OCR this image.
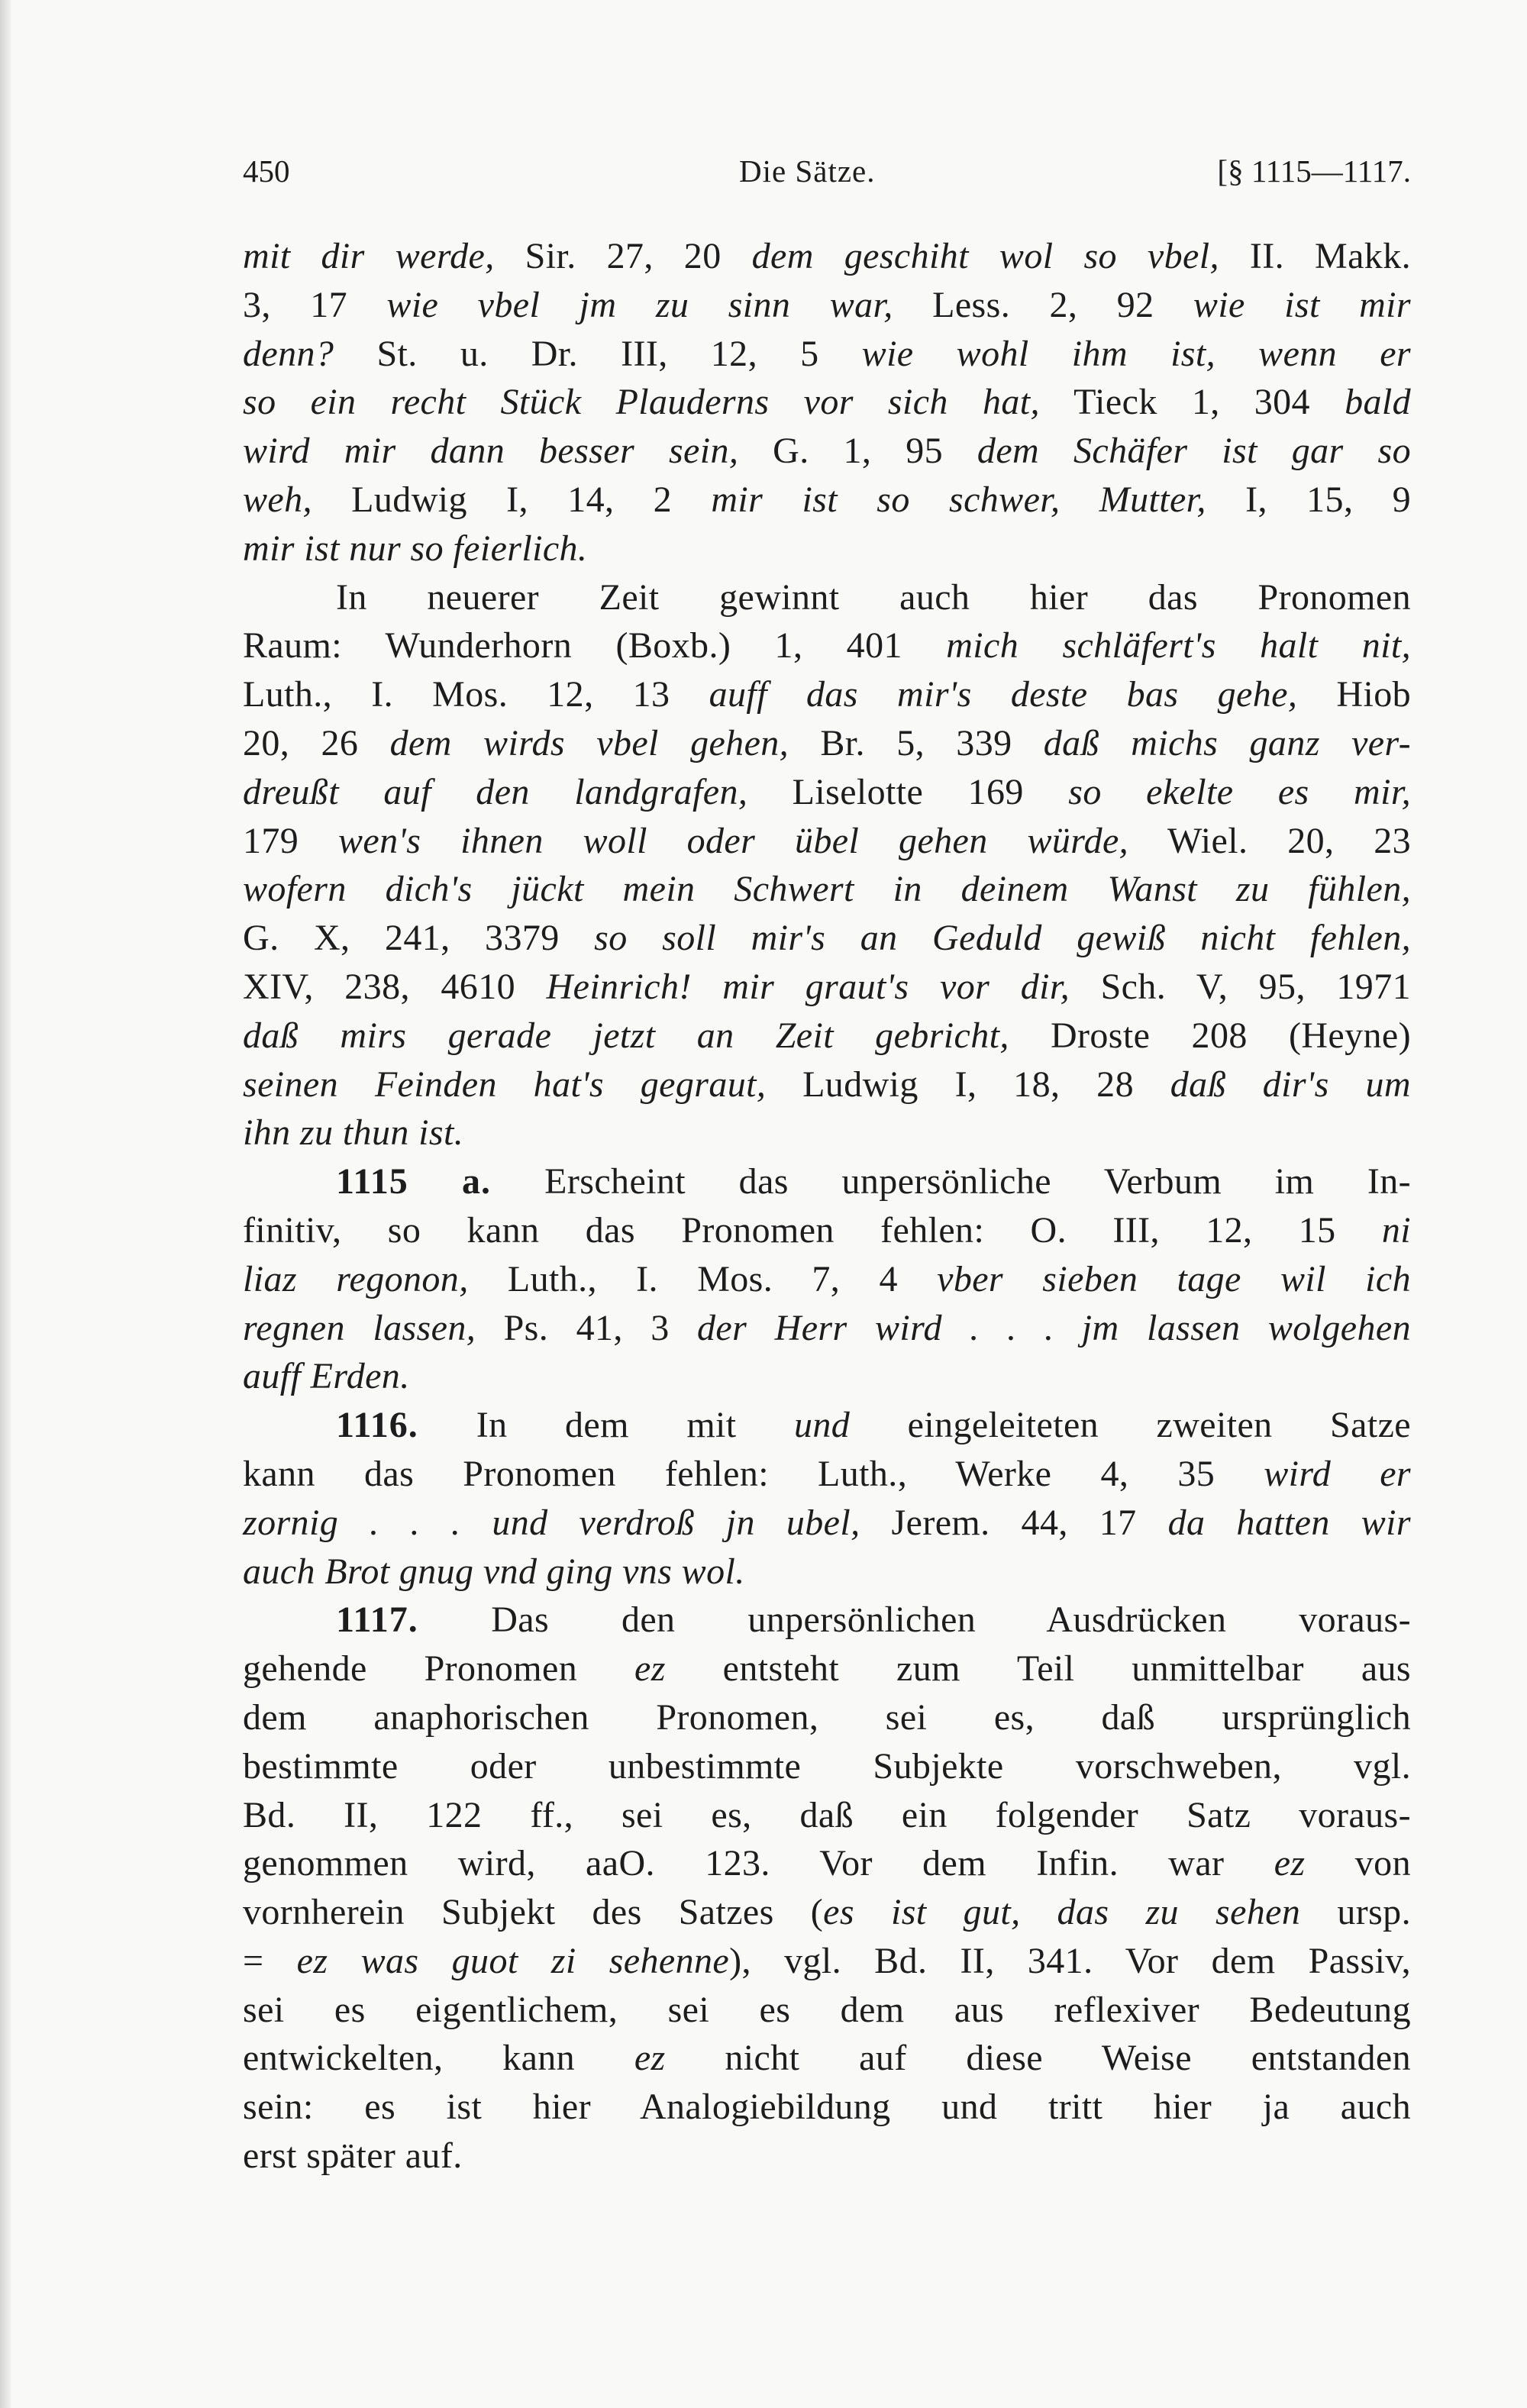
450	Die Sätze.	[§ 1115—1117.
mit dir werde, Sir. 27, 20 dem geschiht wol so vbel, II. Makk.
3, 17 wie vbel jm zu sinn war, Less. 2, 92 wie ist mir
denn? St. u. Dr. III, 12, 5 wie wohl ihm ist, wenn er
so ein recht Stück Plauderns vor sich hat, Tieck 1, 304 bald
wird mir dann besser sein, G. 1, 95 dem Schäfer ist gar so
weh, Ludwig I, 14, 2 mir ist so schwer, Mutter, I, 15, 9
mir ist nur so feierlich.
In neuerer Zeit gewinnt auch hier das Pronomen
Raum: Wunderhorn (Boxb.) 1, 401 mich schläfert's halt nit,
Luth., I. Mos. 12, 13 auff das mir's deste bas gehe, Hiob
20, 26 dem wirds vbel gehen, Br. 5, 339 daß michs ganz ver-
dreußt auf den landgrafen, Liselotte 169 so ekelte es mir,
179 wen's ihnen woll oder übel gehen würde, Wiel. 20, 23
wofern dich's jückt mein Schwert in deinem Wanst zu fühlen,
G. X, 241, 3379 so soll mir's an Geduld gewiß nicht fehlen,
XIV, 238, 4610 Heinrich! mir graut's vor dir, Sch. V, 95, 1971
daß mirs gerade jetzt an Zeit gebricht, Droste 208 (Heyne)
seinen Feinden hat's gegraut, Ludwig I, 18, 28 daß dir's um
ihn zu thun ist.
1115 a. Erscheint das unpersönliche Verbum im In-
finitiv, so kann das Pronomen fehlen: O. III, 12, 15 ni
liaz regonon, Luth., I. Mos. 7, 4 vber sieben tage wil ich
regnen lassen, Ps. 41, 3 der Herr wird . . . jm lassen wolgehen
auff Erden.
1116. In dem mit und eingeleiteten zweiten Satze
kann das Pronomen fehlen: Luth., Werke 4, 35 wird er
zornig . . . und verdroß jn ubel, Jerem. 44, 17 da hatten wir
auch Brot gnug vnd ging vns wol.
1117. Das den unpersönlichen Ausdrücken voraus-
gehende Pronomen ez entsteht zum Teil unmittelbar aus
dem anaphorischen Pronomen, sei es, daß ursprünglich
bestimmte oder unbestimmte Subjekte vorschweben, vgl.
Bd. II, 122 ff., sei es, daß ein folgender Satz voraus-
genommen wird, aaO. 123. Vor dem Infin. war ez von
vornherein Subjekt des Satzes (es ist gut, das zu sehen ursp.
= ez was guot zi sehenne), vgl. Bd. II, 341. Vor dem Passiv,
sei es eigentlichem, sei es dem aus reflexiver Bedeutung
entwickelten, kann ez nicht auf diese Weise entstanden
sein: es ist hier Analogiebildung und tritt hier ja auch
erst später auf.
